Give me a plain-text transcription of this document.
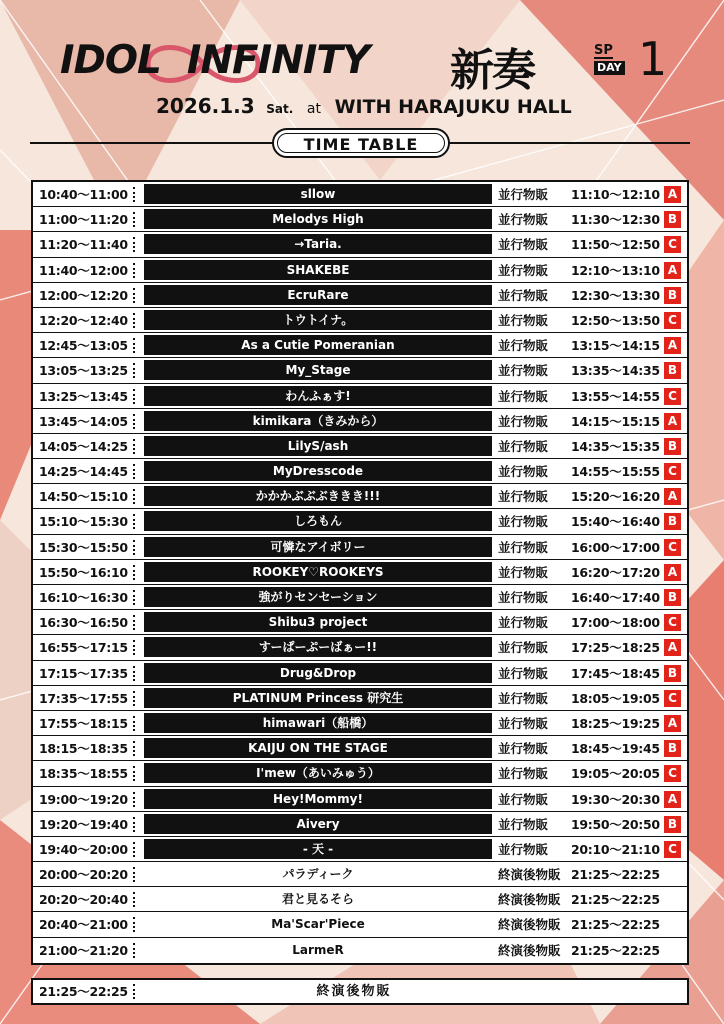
IDOL INFINITY 新奏	SP
DAY 1
2026.1.3 Sat. at WITH HARAJUKU HALL
TIME TABLE
10:40～11:00	sllow	並行物販	11:10～12:10 A
11:00～11:20	Melodys High	並行物販	11:30～12:30 B
11:20～11:40	→Taria.	並行物販	11:50～12:50 C
11:40～12:00	SHAKEBE	並行物販	12:10～13:10 A
12:00～12:20	EcruRare	並行物販	12:30～13:30 B
12:20～12:40	トウトイナ。	並行物販	12:50～13:50 C
12:45～13:05	As a Cutie Pomeranian	並行物販	13:15～14:15 A
13:05～13:25	My_Stage	並行物販	13:35～14:35 B
13:25～13:45	わんふぁす!	並行物販	13:55～14:55 C
13:45～14:05	kimikara（きみから）	並行物販	14:15～15:15 A
14:05～14:25	LilyS/ash	並行物販	14:35～15:35 B
14:25～14:45	MyDresscode	並行物販	14:55～15:55 C
14:50～15:10	かかかぶぶぶききき!!!	並行物販	15:20～16:20 A
15:10～15:30	しろもん	並行物販	15:40～16:40 B
15:30～15:50	可憐なアイボリー	並行物販	16:00～17:00 C
15:50～16:10	ROOKEY♡ROOKEYS	並行物販	16:20～17:20 A
16:10～16:30	強がりセンセーション	並行物販	16:40～17:40 B
16:30～16:50	Shibu3 project	並行物販	17:00～18:00 C
16:55～17:15	すーぱーぷーばぁー!!	並行物販	17:25～18:25 A
17:15～17:35	Drug&Drop	並行物販	17:45～18:45 B
17:35～17:55	PLATINUM Princess 研究生	並行物販	18:05～19:05 C
17:55～18:15	himawari（船橋）	並行物販	18:25～19:25 A
18:15～18:35	KAIJU ON THE STAGE	並行物販	18:45～19:45 B
18:35～18:55	I'mew（あいみゅう）	並行物販	19:05～20:05 C
19:00～19:20	Hey!Mommy!	並行物販	19:30～20:30 A
19:20～19:40	Aivery	並行物販	19:50～20:50 B
19:40～20:00	- 天 -	並行物販	20:10～21:10 C
20:00～20:20	パラディーク	終演後物販 21:25～22:25
20:20～20:40	君と見るそら	終演後物販 21:25～22:25
20:40～21:00	Ma'Scar'Piece	終演後物販 21:25～22:25
21:00～21:20	LarmeR	終演後物販 21:25～22:25
21:25～22:25	終演後物販
